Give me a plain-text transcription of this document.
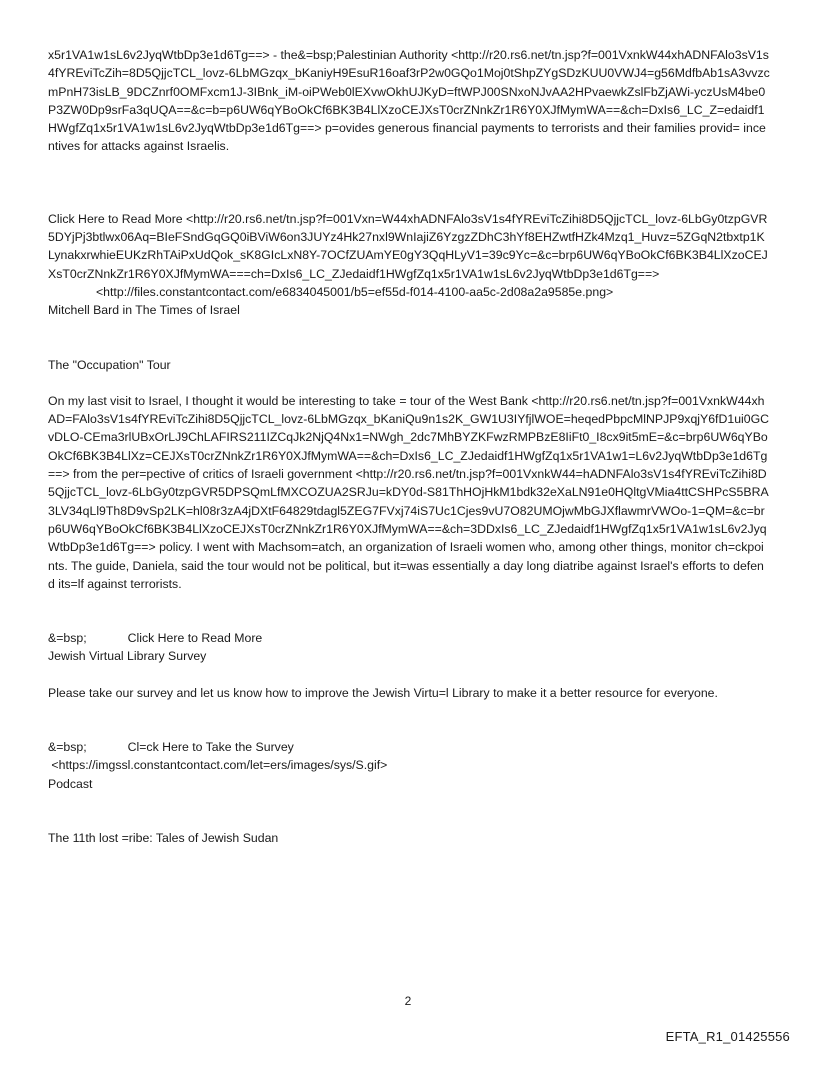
x5r1VA1w1sL6v2JyqWtbDp3e1d6Tg==> - the&=bsp;Palestinian Authority <http://r20.rs6.net/tn.jsp?f=001VxnkW44xhADNFAlo3sV1s4fYREviTcZih=8D5QjjcTCL_lovz-6LbMGzqx_bKaniyH9EsuR16oaf3rP2w0GQo1Moj0tShpZYgSDzKUU0VWJ4=g56MdfbAb1sA3vvzcmPnH73isLB_9DCZnrf0OMFxcm1J-3IBnk_iM-oiPWeb0lEXvwOkhUJKyD=ftWPJ00SNxoNJvAA2HPvaewkZslFbZjAWi-yczUsM4be0P3ZW0Dp9srFa3qUQA==&c=b=p6UW6qYBoOkCf6BK3B4LlXzoCEJXsT0crZNnkZr1R6Y0XJfMymWA==&ch=DxIs6_LC_Z=edaidf1HWgfZq1x5r1VA1w1sL6v2JyqWtbDp3e1d6Tg==> p=ovides generous financial payments to terrorists and their families provid= incentives for attacks against Israelis.

Click Here to Read More <http://r20.rs6.net/tn.jsp?f=001Vxn=W44xhADNFAlo3sV1s4fYREviTcZihi8D5QjjcTCL_lovz-6LbGy0tzpGVR5DYjPj3btlwx06Aq=BIeFSndGqGQ0iBViW6on3JUYz4Hk27nxl9WnIajiZ6YzgzZDhC3hYf8EHZwtfHZk4Mzq1_Huvz=5ZGqN2tbxtp1KLynakxrwhieEUKzRhTAiPxUdQok_sK8GIcLxN8Y-7OCfZUAmYE0gY3QqHLyV1=39c9Yc=&c=brp6UW6qYBoOkCf6BK3B4LlXzoCEJXsT0crZNnkZr1R6Y0XJfMymWA===ch=DxIs6_LC_ZJedaidf1HWgfZq1x5r1VA1w1sL6v2JyqWtbDp3e1d6Tg==>

<http://files.constantcontact.com/e6834045001/b5=ef55d-f014-4100-aa5c-2d08a2a9585e.png>

Mitchell Bard in The Times of Israel

The "Occupation" Tour

On my last visit to Israel, I thought it would be interesting to take = tour of the West Bank <http://r20.rs6.net/tn.jsp?f=001VxnkW44xhAD=FAlo3sV1s4fYREviTcZihi8D5QjjcTCL_lovz-6LbMGzqx_bKaniQu9n1s2K_GW1U3IYfjlWOE=heqedPbpcMlNPJP9xqjY6fD1ui0GCvDLO-CEma3rlUBxOrLJ9ChLAFIRS211IZCqJk2NjQ4Nx1=NWgh_2dc7MhBYZKFwzRMPBzE8IiFt0_I8cx9it5mE=&c=brp6UW6qYBoOkCf6BK3B4LlXz=CEJXsT0crZNnkZr1R6Y0XJfMymWA==&ch=DxIs6_LC_ZJedaidf1HWgfZq1x5r1VA1w1=L6v2JyqWtbDp3e1d6Tg==> from the per=pective of critics of Israeli government <http://r20.rs6.net/tn.jsp?f=001VxnkW44=hADNFAlo3sV1s4fYREviTcZihi8D5QjjcTCL_lovz-6LbGy0tzpGVR5DPSQmLfMXCOZUA2SRJu=kDY0d-S81ThHOjHkM1bdk32eXaLN91e0HQltgVMia4ttCSHPcS5BRA3LV34qLl9Th8D9vSp2LK=hl08r3zA4jDXtF64829tdagl5ZEG7FVxj74iS7Uc1Cjes9vU7O82UMOjwMbGJXflawmrVWOo-1=QM=&c=brp6UW6qYBoOkCf6BK3B4LlXzoCEJXsT0crZNnkZr1R6Y0XJfMymWA==&ch=3DDxIs6_LC_ZJedaidf1HWgfZq1x5r1VA1w1sL6v2JyqWtbDp3e1d6Tg==> policy. I went with Machsom=atch, an organization of Israeli women who, among other things, monitor ch=ckpoints. The guide, Daniela, said the tour would not be political, but it=was essentially a day long diatribe against Israel's efforts to defend its=lf against terrorists.

&=bsp;            Click Here to Read More

Jewish Virtual Library Survey

Please take our survey and let us know how to improve the Jewish Virtu=l Library to make it a better resource for everyone.

&=bsp;            Cl=ck Here to Take the Survey

<https://imgssl.constantcontact.com/let=ers/images/sys/S.gif>

Podcast

The 11th lost =ribe: Tales of Jewish Sudan

2
EFTA_R1_01425556
